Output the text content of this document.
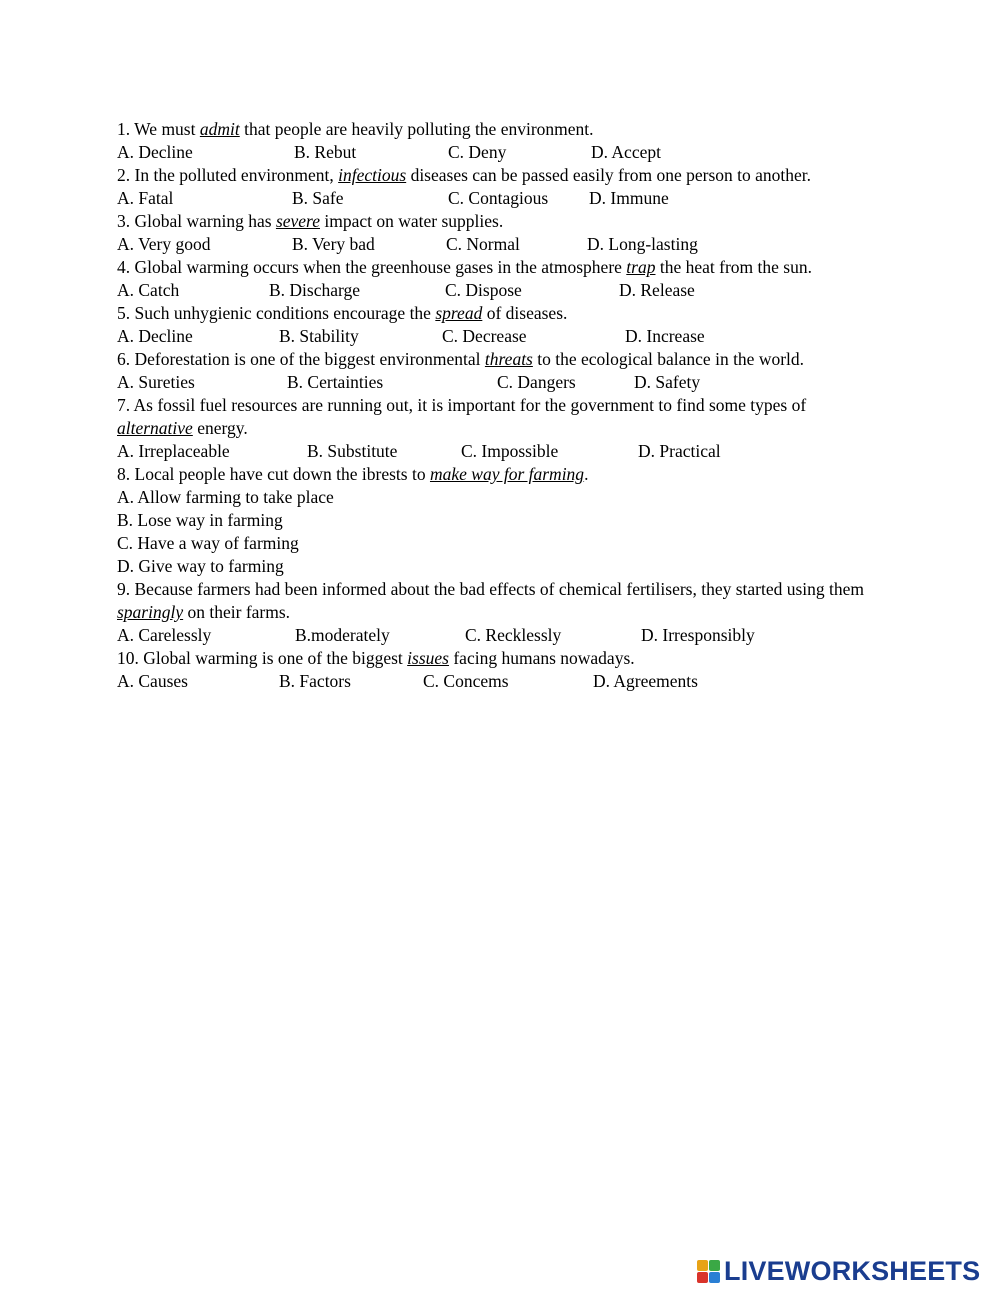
1. We must admit that people are heavily polluting the environment.
A. Decline	B. Rebut	C. Deny	D. Accept
2. In the polluted environment, infectious diseases can be passed easily from one person to another.
A. Fatal	B. Safe	C. Contagious D. Immune
3. Global warning has severe impact on water supplies.
A. Very good	B. Very bad	C. Normal	D. Long-lasting
4. Global warming occurs when the greenhouse gases in the atmosphere trap the heat from the sun.
A. Catch	B. Discharge	C. Dispose	D. Release
5. Such unhygienic conditions encourage the spread of diseases.
A. Decline	B. Stability	C. Decrease	D. Increase
6. Deforestation is one of the biggest environmental threats to the ecological balance in the world.
A. Sureties	B. Certainties	C. Dangers	D. Safety
7. As fossil fuel resources are running out, it is important for the government to find some types of alternative energy.
A. Irreplaceable	B. Substitute	C. Impossible	D. Practical
8. Local people have cut down the ibrests to make way for farming.
A. Allow farming to take place
B. Lose way in farming
C. Have a way of farming
D. Give way to farming
9. Because farmers had been informed about the bad effects of chemical fertilisers, they started using them sparingly on their farms.
A. Carelessly	B.moderately	C. Recklessly	D. Irresponsibly
10. Global warming is one of the biggest issues facing humans nowadays.
A. Causes	B. Factors	C. Concems	D. Agreements
LIVEWORKSHEETS
